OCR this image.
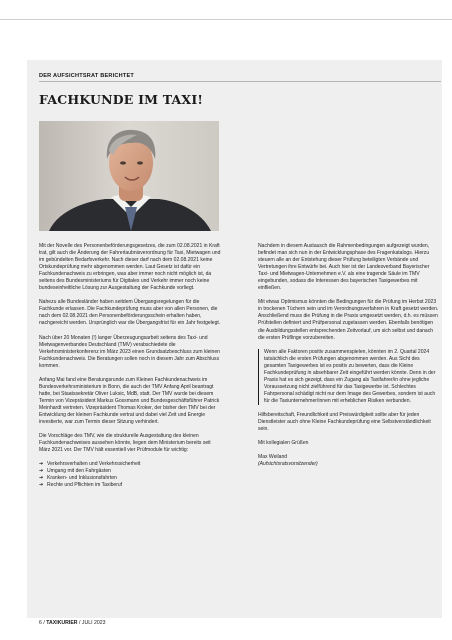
DER AUFSICHTSRAT BERICHTET
FACHKUNDE IM TAXI!

Mit der Novelle des Personenbeförderungsgesetzes, die zum 02.08.2021 in Kraft trat, gilt auch die Änderung der Fahrerlaubnisverordnung für Taxi, Mietwagen und im gebündelten Bedarfsverkehr. Nach dieser darf nach dem 02.08.2021 keine Ortskundeprüfung mehr abgenommen werden. Laut Gesetz ist dafür ein Fachkundenachweis zu erbringen, was aber immer noch nicht möglich ist, da seitens des Bundesministeriums für Digitales und Verkehr immer noch keine bundeseinheitliche Lösung zur Ausgestaltung der Fachkunde vorliegt.

Nahezu alle Bundesländer haben seitdem Übergangsregelungen für die Fachkunde erlassen. Die Fachkundeprüfung muss aber von allen Personen, die nach dem 02.08.2021 den Personenbeförderungsschein erhalten haben, nachgereicht werden. Ursprünglich war die Übergangsfrist für ein Jahr festgelegt.

Nach über 20 Monaten (!) langer Überzeugungsarbeit seitens des Taxi- und Mietwagenverbandes Deutschland (TMV) verabschiedete die Verkehrsministerkonferenz im März 2023 einen Grundsatzbeschluss zum kleinen Fachkundenachweis. Die Beratungen sollen noch in diesem Jahr zum Abschluss kommen.

Anfang Mai fand eine Beratungsrunde zum Kleinen Fachkundenachweis im Bundesverkehrsministerium in Bonn, die auch der TMV Anfang April beantragt hatte, bei Staatssekretär Oliver Luksic, MdB, statt. Der TMV wurde bei diesem Termin von Vizepräsident Markus Gossmann und Bundesgeschäftsführer Patrick Meinhardt vertreten. Vizepräsident Thomas Kroker, der bisher den TMV bei der Entwicklung der kleinen Fachkunde vertrat und dabei viel Zeit und Energie investierte, war zum Termin dieser Sitzung verhindert.

Die Vorschläge des TMV, wie die strukturelle Ausgestaltung des kleinen Fachkundenachweises aussehen könnte, liegen dem Ministerium bereits seit März 2021 vor. Der TMV hält essentiell vier Prüfmodule für wichtig:

➔ Verkehrsverhalten und Verkehrssicherheit
➔ Umgang mit den Fahrgästen
➔ Kranken- und Inklusionsfahrten
➔ Rechte und Pflichten im Taxiberuf

Nachdem in diesem Austausch die Rahmenbedingungen aufgezeigt wurden, befindet man sich nun in der Entwicklungsphase des Fragenkatalogs. Hierzu steuern alle an der Entstehung dieser Prüfung beteiligten Verbände und Vertretungen ihre Entwürfe bei. Auch hier ist der Landesverband Bayerischer Taxi- und Mietwagen-Unternehmen e.V. als eine tragende Säule im TMV eingebunden, sodass die Interessen des bayerischen Taxigewerbes mit einfließen.

Mit etwas Optimismus könnten die Bedingungen für die Prüfung im Herbst 2023 in trockenen Tüchern sein und im Verordnungsverfahren in Kraft gesetzt werden. Anschließend muss die Prüfung in die Praxis umgesetzt werden, d.h. es müssen Prüfstellen definiert und Prüfpersonal zugelassen werden. Ebenfalls benötigen die Ausbildungsstellen entsprechenden Zeitvorlauf, um sich selbst und danach die ersten Prüflinge vorzubereiten.

Wenn alle Faktoren positiv zusammenspielen, könnten im 2. Quartal 2024 tatsächlich die ersten Prüfungen abgenommen werden. Aus Sicht des gesamten Taxigewerbes ist es positiv zu bewerten, dass die Kleine Fachkundeprüfung in absehbarer Zeit eingeführt werden könnte. Denn in der Praxis hat es sich gezeigt, dass ein Zugang als Taxifahrer/in ohne jegliche Voraussetzung nicht zielführend für das Taxigewerbe ist. Schlechtes Fahrpersonal schädigt nicht nur dem Image des Gewerbes, sondern ist auch für die Taxiunternehmer/innen mit erheblichen Risiken verbunden.

Hilfsbereitschaft, Freundlichkeit und Preiswürdigkeit sollte aber für jeden Dienstleister auch ohne Kleine Fachkundeprüfung eine Selbstverständlichkeit sein.

Mit kollegialen Grüßen

Max Weiland
(Aufsichtsratsvorsitzender)
6 / TAXIKURIER / JULI 2023
